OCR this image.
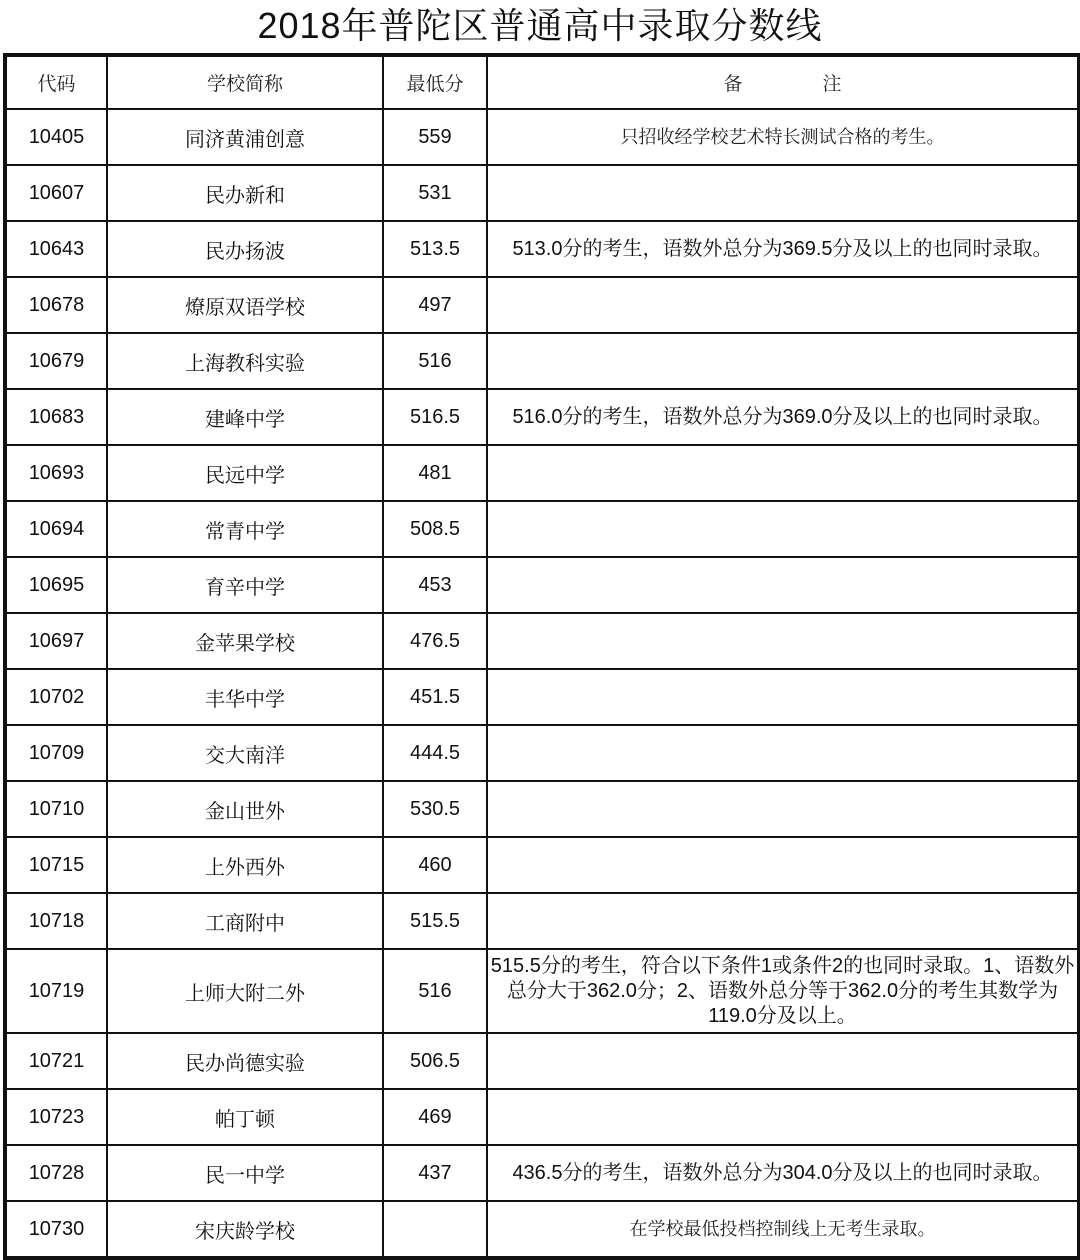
2018年普陀区普通高中录取分数线
代码	学校简称	最低分	备 注
10405	同济黄浦创意	559	只招收经学校艺术特长测试合格的考生。
10607	民办新和	531	
10643	民办扬波	513.5	513.0分的考生，语数外总分为369.5分及以上的也同时录取。
10678	燎原双语学校	497	
10679	上海教科实验	516	
10683	建峰中学	516.5	516.0分的考生，语数外总分为369.0分及以上的也同时录取。
10693	民远中学	481	
10694	常青中学	508.5	
10695	育辛中学	453	
10697	金苹果学校	476.5	
10702	丰华中学	451.5	
10709	交大南洋	444.5	
10710	金山世外	530.5	
10715	上外西外	460	
10718	工商附中	515.5	
10719	上师大附二外	516	515.5分的考生，符合以下条件1或条件2的也同时录取。1、语数外总分大于362.0分；2、语数外总分等于362.0分的考生其数学为119.0分及以上。
10721	民办尚德实验	506.5	
10723	帕丁顿	469	
10728	民一中学	437	436.5分的考生，语数外总分为304.0分及以上的也同时录取。
10730	宋庆龄学校		在学校最低投档控制线上无考生录取。
